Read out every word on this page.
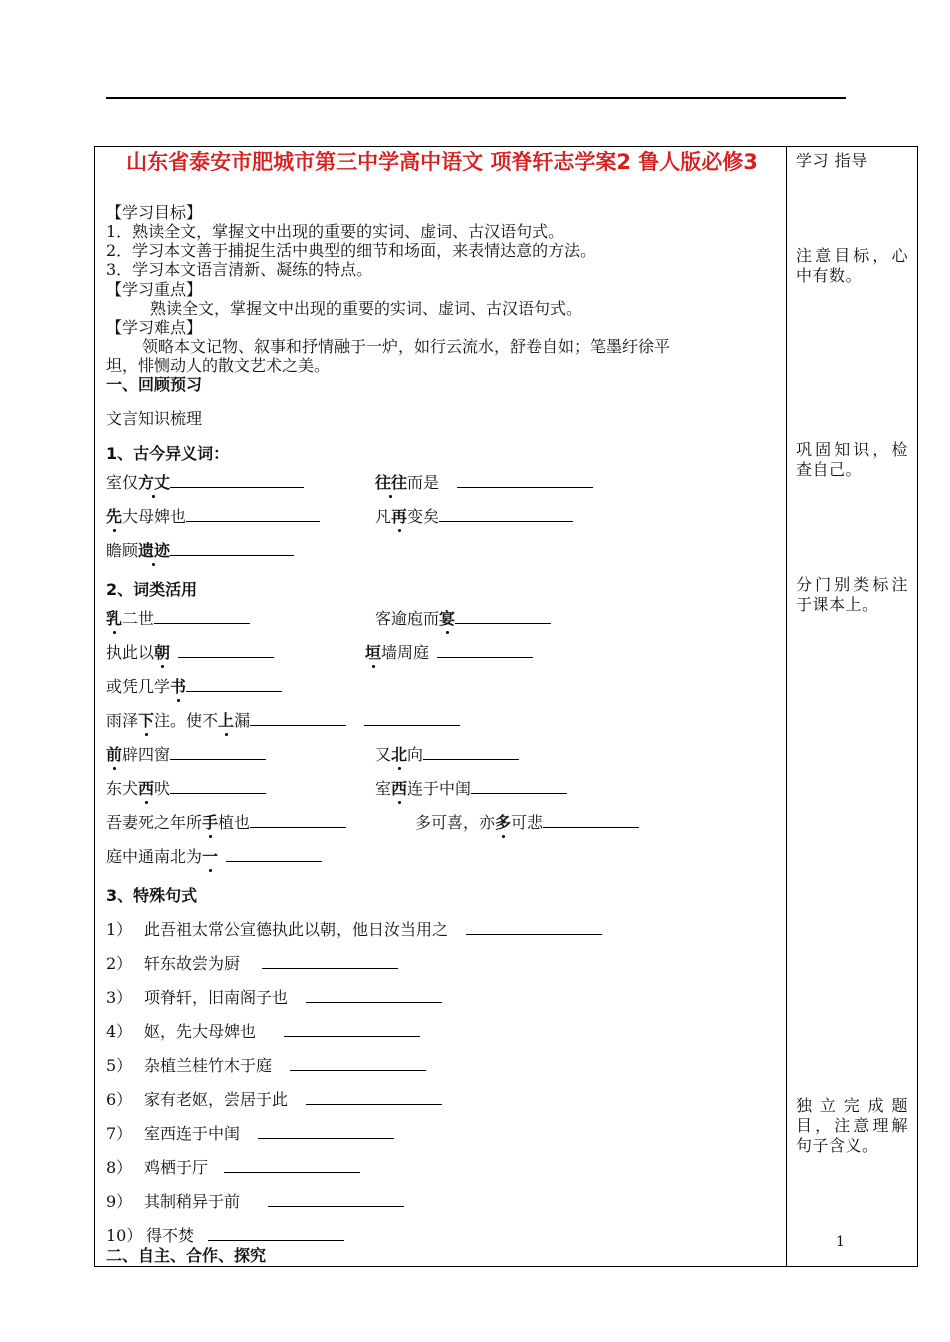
山东省泰安市肥城市第三中学高中语文 项脊轩志学案2 鲁人版必修3
【学习目标】
1．熟读全文，掌握文中出现的重要的实词、虚词、古汉语句式。
2．学习本文善于捕捉生活中典型的细节和场面，来表情达意的方法。
3．学习本文语言清新、凝练的特点。
【学习重点】
熟读全文，掌握文中出现的重要的实词、虚词、古汉语句式。
【学习难点】
领略本文记物、叙事和抒情融于一炉，如行云流水，舒卷自如；笔墨纡徐平
坦，悱恻动人的散文艺术之美。
一、回顾预习
文言知识梳理
1、古今异义词：
室仅方丈	往往而是
先大母婢也	凡再变矣
瞻顾遗迹
2、词类活用
乳二世	客逾庖而宴
执此以朝	垣墙周庭
或凭几学书
雨泽下注。使不上漏
前辟四窗	又北向
东犬西吠	室西连于中闺
吾妻死之年所手植也	多可喜，亦多可悲
庭中通南北为一
3、特殊句式
1） 此吾祖太常公宣德执此以朝，他日汝当用之
2） 轩东故尝为厨
3） 项脊轩，旧南阁子也
4） 妪，先大母婢也
5） 杂植兰桂竹木于庭
6） 家有老妪，尝居于此
7） 室西连于中闺
8） 鸡栖于厅
9） 其制稍异于前
10） 得不焚
二、自主、合作、探究
学习 指导
注意目标，心中有数。
巩固知识，检查自己。
分门别类标注于课本上。
独立完成题目，注意理解句子含义。
1
